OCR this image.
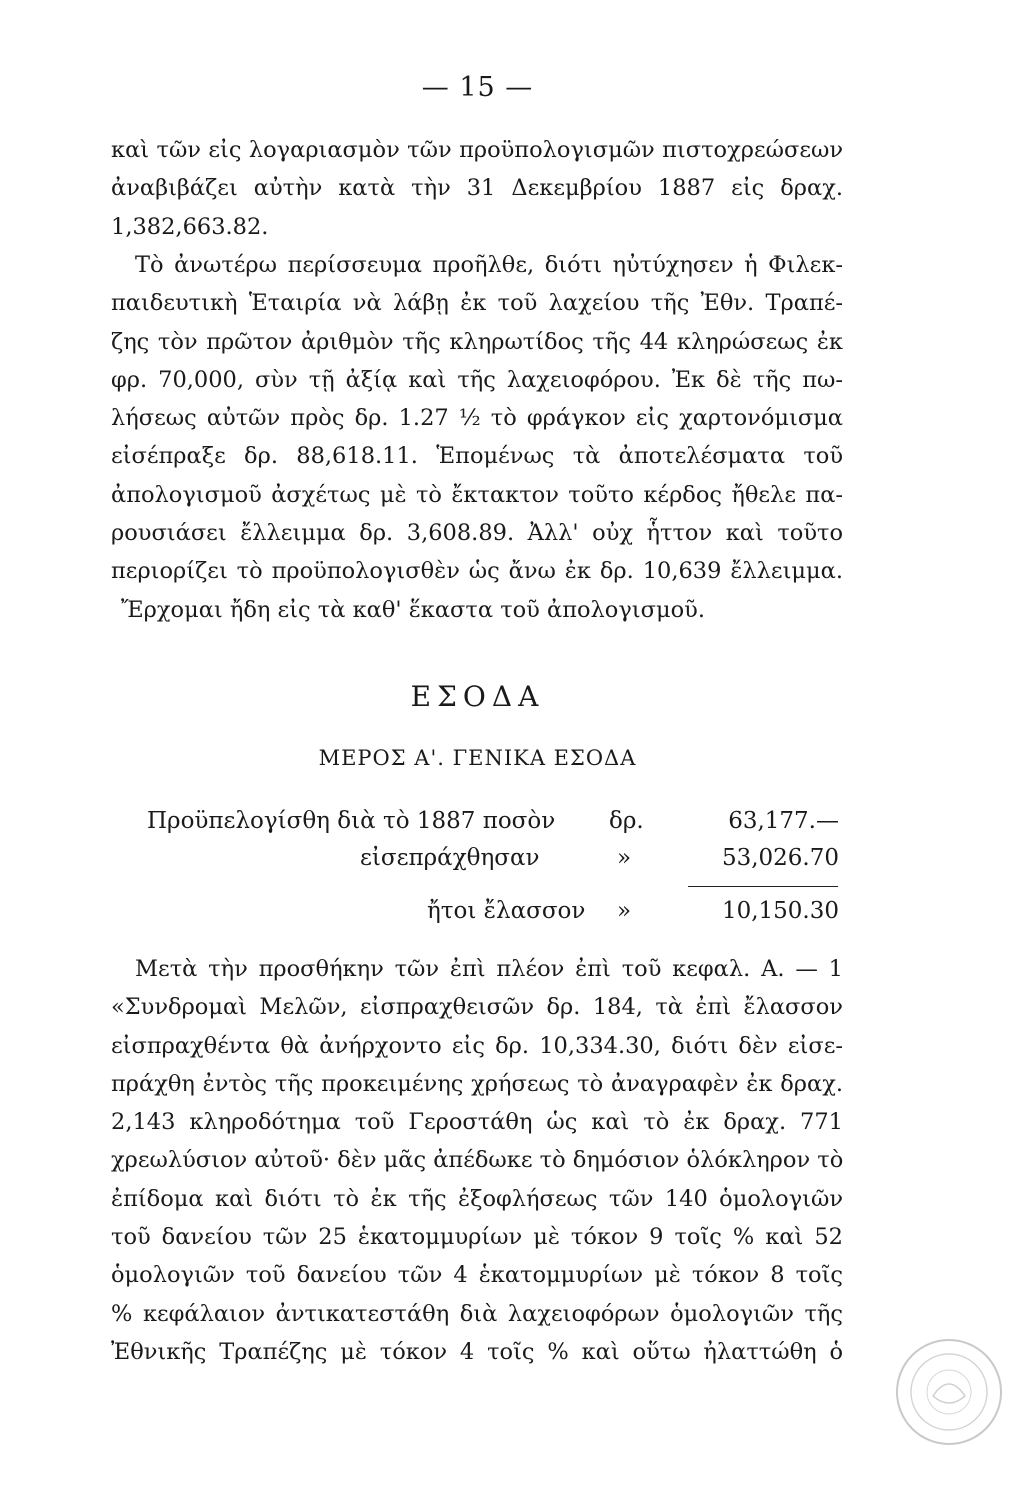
— 15 —
καὶ τῶν εἰς λογαριασμὸν τῶν προϋπολογισμῶν πιστοχρεώσεων
ἀναβιβάζει αὐτὴν κατὰ τὴν 31 Δεκεμβρίου 1887 εἰς δραχ.
1,382,663.82.
Τὸ ἀνωτέρω περίσσευμα προῆλθε, διότι ηὐτύχησεν ἡ Φιλεκ-
παιδευτικὴ Ἑταιρία νὰ λάβῃ ἐκ τοῦ λαχείου τῆς Ἐθν. Τραπέ-
ζης τὸν πρῶτον ἀριθμὸν τῆς κληρωτίδος τῆς 44 κληρώσεως ἐκ
φρ. 70,000, σὺν τῇ ἀξίᾳ καὶ τῆς λαχειοφόρου. Ἐκ δὲ τῆς πω-
λήσεως αὐτῶν πρὸς δρ. 1.27 ½ τὸ φράγκον εἰς χαρτονόμισμα
εἰσέπραξε δρ. 88,618.11. Ἑπομένως τὰ ἀποτελέσματα τοῦ
ἀπολογισμοῦ ἀσχέτως μὲ τὸ ἔκτακτον τοῦτο κέρδος ἤθελε πα-
ρουσιάσει ἔλλειμμα δρ. 3,608.89. Ἀλλ' οὐχ ἧττον καὶ τοῦτο
περιορίζει τὸ προϋπολογισθὲν ὡς ἄνω ἐκ δρ. 10,639 ἔλλειμμα.
Ἔρχομαι ἤδη εἰς τὰ καθ' ἕκαστα τοῦ ἀπολογισμοῦ.
ΕΣΟΔΑ
ΜΕΡΟΣ Α'. ΓΕΝΙΚΑ ΕΣΟΔΑ
Προϋπελογίσθη διὰ τὸ 1887 ποσὸν δρ.	63,177.—
εἰσεπράχθησαν	»	53,026.70
ἤτοι ἔλασσον »	10,150.30
Μετὰ τὴν προσθήκην τῶν ἐπὶ πλέον ἐπὶ τοῦ κεφαλ. Α. — 1
«Συνδρομαὶ Μελῶν, εἰσπραχθεισῶν δρ. 184, τὰ ἐπὶ ἔλασσον
εἰσπραχθέντα θὰ ἀνήρχοντο εἰς δρ. 10,334.30, διότι δὲν εἰσε-
πράχθη ἐντὸς τῆς προκειμένης χρήσεως τὸ ἀναγραφὲν ἐκ δραχ.
2,143 κληροδότημα τοῦ Γεροστάθη ὡς καὶ τὸ ἐκ δραχ. 771
χρεωλύσιον αὐτοῦ· δὲν μᾶς ἀπέδωκε τὸ δημόσιον ὁλόκληρον τὸ
ἐπίδομα καὶ διότι τὸ ἐκ τῆς ἐξοφλήσεως τῶν 140 ὁμολογιῶν
τοῦ δανείου τῶν 25 ἑκατομμυρίων μὲ τόκον 9 τοῖς % καὶ 52
ὁμολογιῶν τοῦ δανείου τῶν 4 ἑκατομμυρίων μὲ τόκον 8 τοῖς
% κεφάλαιον ἀντικατεστάθη διὰ λαχειοφόρων ὁμολογιῶν τῆς
Ἐθνικῆς Τραπέζης μὲ τόκον 4 τοῖς % καὶ οὕτω ἠλαττώθη ὁ
